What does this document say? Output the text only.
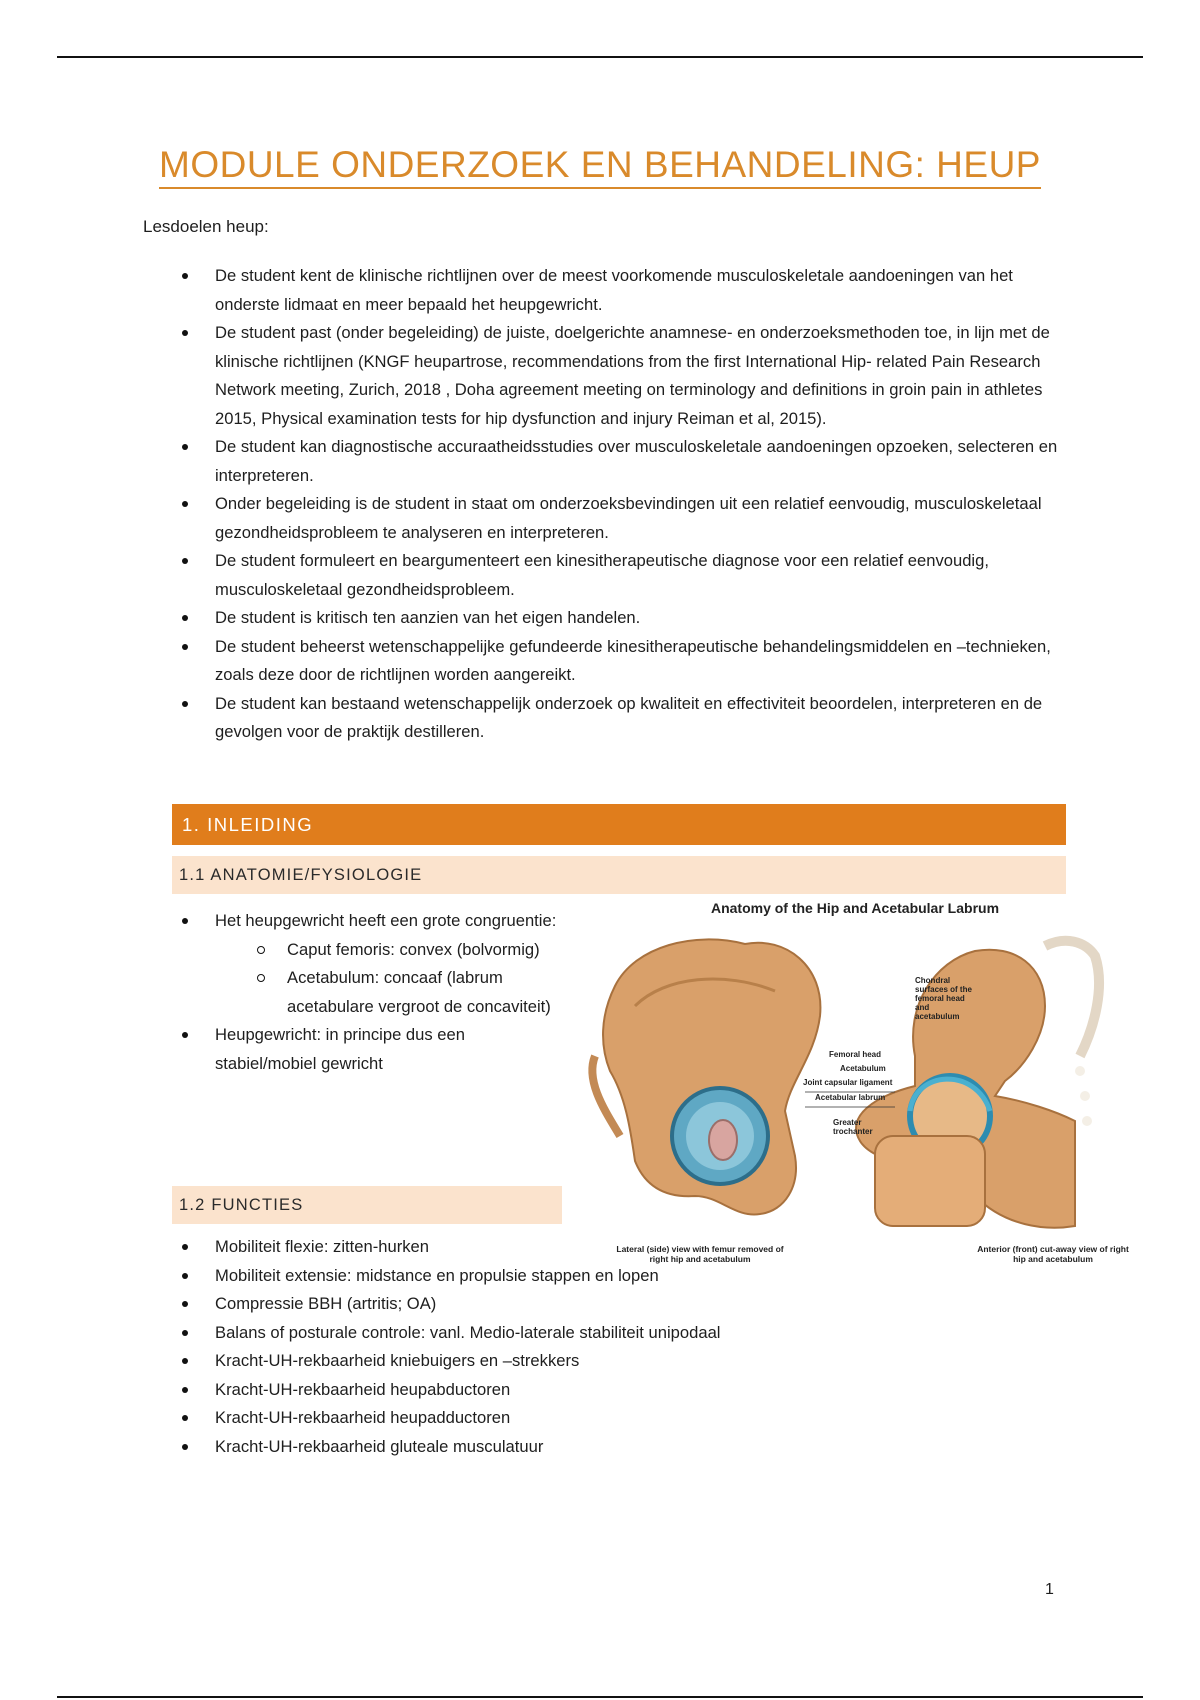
MODULE ONDERZOEK EN BEHANDELING: HEUP
Lesdoelen heup:
De student kent de klinische richtlijnen over de meest voorkomende musculoskeletale aandoeningen van het onderste lidmaat en meer bepaald het heupgewricht.
De student past (onder begeleiding) de juiste, doelgerichte anamnese- en onderzoeksmethoden toe, in lijn met de klinische richtlijnen (KNGF heupartrose, recommendations from the first International Hip- related Pain Research Network meeting, Zurich, 2018 , Doha agreement meeting on terminology and definitions in groin pain in athletes 2015, Physical examination tests for hip dysfunction and injury Reiman et al, 2015).
De student kan diagnostische accuraatheidsstudies over musculoskeletale aandoeningen opzoeken, selecteren en interpreteren.
Onder begeleiding is de student in staat om onderzoeksbevindingen uit een relatief eenvoudig, musculoskeletaal gezondheidsprobleem te analyseren en interpreteren.
De student formuleert en beargumenteert een kinesitherapeutische diagnose voor een relatief eenvoudig, musculoskeletaal gezondheidsprobleem.
De student is kritisch ten aanzien van het eigen handelen.
De student beheerst wetenschappelijke gefundeerde kinesitherapeutische behandelingsmiddelen en –technieken, zoals deze door de richtlijnen worden aangereikt.
De student kan bestaand wetenschappelijk onderzoek op kwaliteit en effectiviteit beoordelen, interpreteren en de gevolgen voor de praktijk destilleren.
1. INLEIDING
1.1 ANATOMIE/FYSIOLOGIE
Het heupgewricht heeft een grote congruentie:
Caput femoris: convex (bolvormig)
Acetabulum: concaaf (labrum acetabulare vergroot de concaviteit)
Heupgewricht: in principe dus een stabiel/mobiel gewricht
Anatomy of the Hip and Acetabular Labrum
Chondral surfaces of the femoral head and acetabulum
Femoral head
Acetabulum
Joint capsular ligament
Acetabular labrum
Greater trochanter
Lateral (side) view with femur removed of right hip and acetabulum
Anterior (front) cut-away view of right hip and acetabulum
1.2 FUNCTIES
Mobiliteit flexie: zitten-hurken
Mobiliteit extensie: midstance en propulsie stappen en lopen
Compressie BBH (artritis; OA)
Balans of posturale controle: vanl. Medio-laterale stabiliteit unipodaal
Kracht-UH-rekbaarheid kniebuigers en –strekkers
Kracht-UH-rekbaarheid heupabductoren
Kracht-UH-rekbaarheid heupadductoren
Kracht-UH-rekbaarheid gluteale musculatuur
1
